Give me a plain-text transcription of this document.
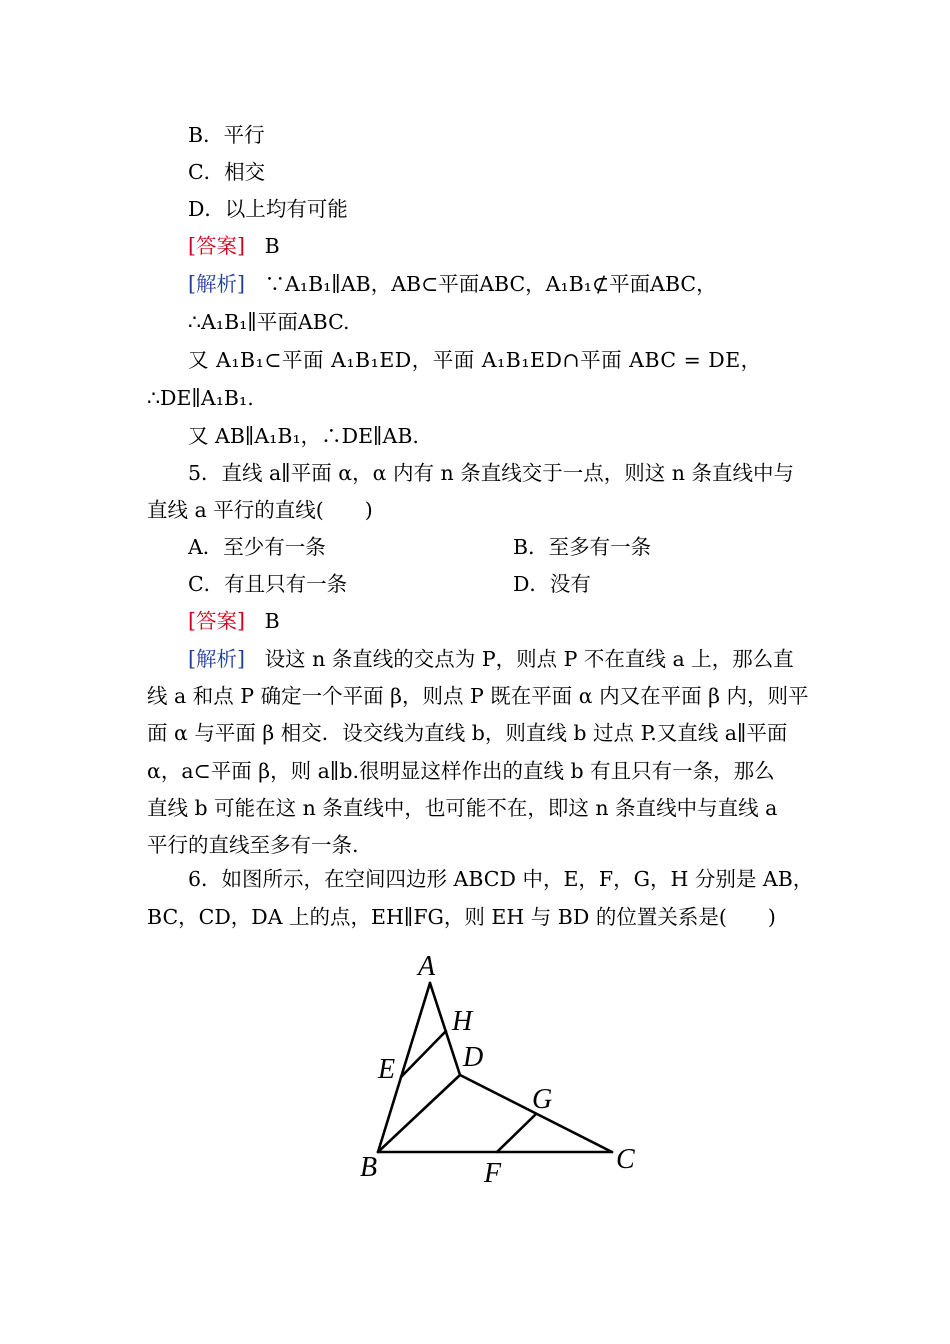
B．平行
C．相交
D．以上均有可能
[答案] B
[解析] ∵A₁B₁∥AB，AB⊂平面ABC，A₁B₁⊄平面ABC，
∴A₁B₁∥平面ABC.
又 A₁B₁⊂平面 A₁B₁ED，平面 A₁B₁ED∩平面 ABC = DE，
∴DE∥A₁B₁.
又 AB∥A₁B₁，∴DE∥AB.
5．直线 a∥平面 α，α 内有 n 条直线交于一点，则这 n 条直线中与
直线 a 平行的直线(　　)
A．至少有一条	B．至多有一条
C．有且只有一条	D．没有
[答案] B
[解析] 设这 n 条直线的交点为 P，则点 P 不在直线 a 上，那么直
线 a 和点 P 确定一个平面 β，则点 P 既在平面 α 内又在平面 β 内，则平
面 α 与平面 β 相交．设交线为直线 b，则直线 b 过点 P.又直线 a∥平面
α，a⊂平面 β，则 a∥b.很明显这样作出的直线 b 有且只有一条，那么
直线 b 可能在这 n 条直线中，也可能不在，即这 n 条直线中与直线 a
平行的直线至多有一条.
6．如图所示，在空间四边形 ABCD 中，E，F，G，H 分别是 AB，
BC，CD，DA 上的点，EH∥FG，则 EH 与 BD 的位置关系是(　　)
A
H
D
E
G
C
B	F
